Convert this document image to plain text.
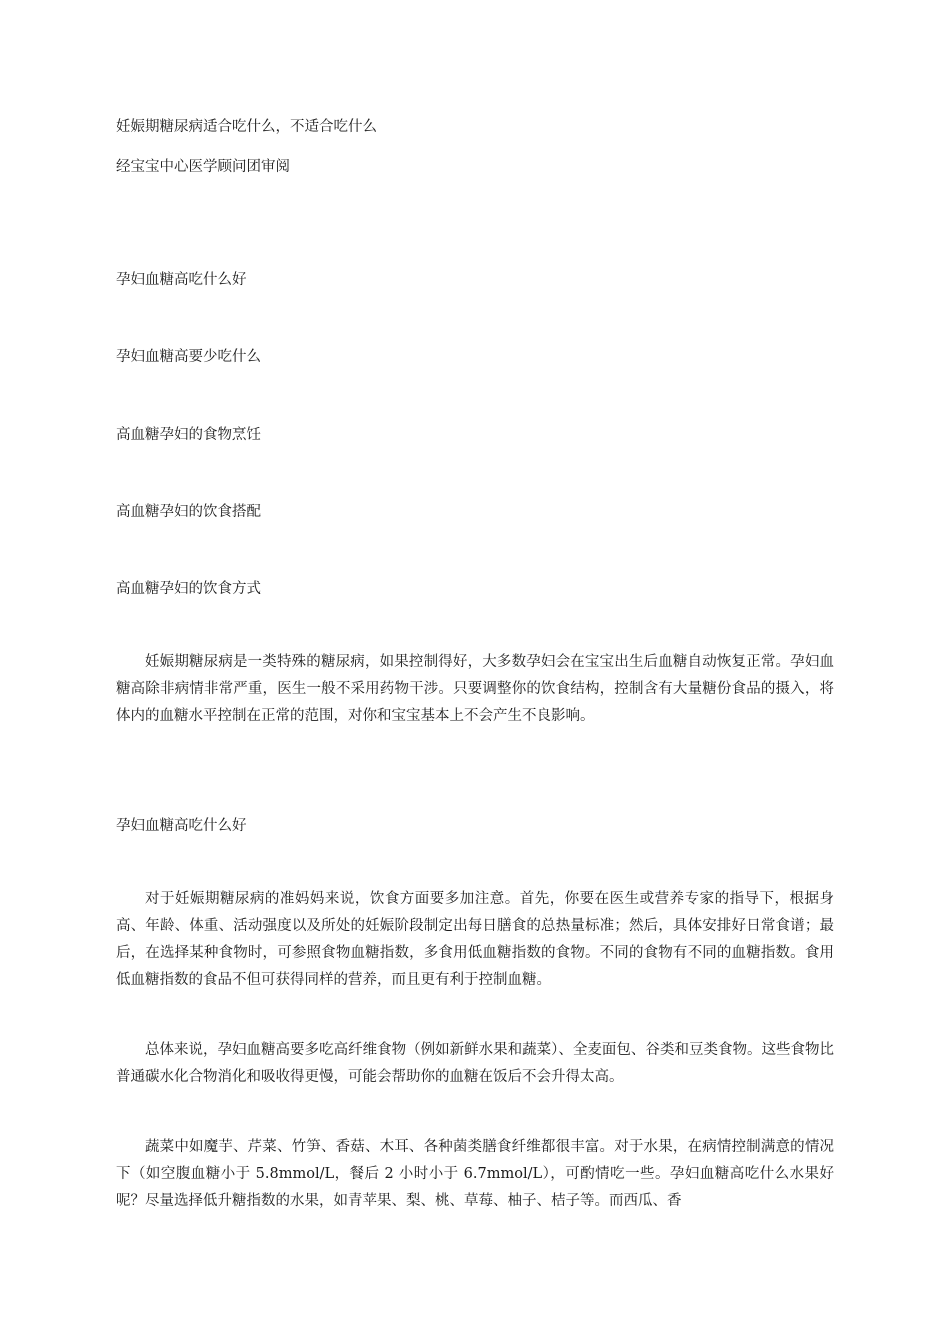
妊娠期糖尿病适合吃什么，不适合吃什么
经宝宝中心医学顾问团审阅
孕妇血糖高吃什么好
孕妇血糖高要少吃什么
高血糖孕妇的食物烹饪
高血糖孕妇的饮食搭配
高血糖孕妇的饮食方式
妊娠期糖尿病是一类特殊的糖尿病，如果控制得好，大多数孕妇会在宝宝出生后血糖自动恢复正常。孕妇血糖高除非病情非常严重，医生一般不采用药物干涉。只要调整你的饮食结构，控制含有大量糖份食品的摄入，将体内的血糖水平控制在正常的范围，对你和宝宝基本上不会产生不良影响。
孕妇血糖高吃什么好
对于妊娠期糖尿病的准妈妈来说，饮食方面要多加注意。首先，你要在医生或营养专家的指导下，根据身高、年龄、体重、活动强度以及所处的妊娠阶段制定出每日膳食的总热量标准；然后，具体安排好日常食谱；最后，在选择某种食物时，可参照食物血糖指数，多食用低血糖指数的食物。不同的食物有不同的血糖指数。食用低血糖指数的食品不但可获得同样的营养，而且更有利于控制血糖。
总体来说，孕妇血糖高要多吃高纤维食物（例如新鲜水果和蔬菜）、全麦面包、谷类和豆类食物。这些食物比普通碳水化合物消化和吸收得更慢，可能会帮助你的血糖在饭后不会升得太高。
蔬菜中如魔芋、芹菜、竹笋、香菇、木耳、各种菌类膳食纤维都很丰富。对于水果，在病情控制满意的情况下（如空腹血糖小于 5.8mmol/L，餐后 2 小时小于 6.7mmol/L），可酌情吃一些。孕妇血糖高吃什么水果好呢？尽量选择低升糖指数的水果，如青苹果、梨、桃、草莓、柚子、桔子等。而西瓜、香
